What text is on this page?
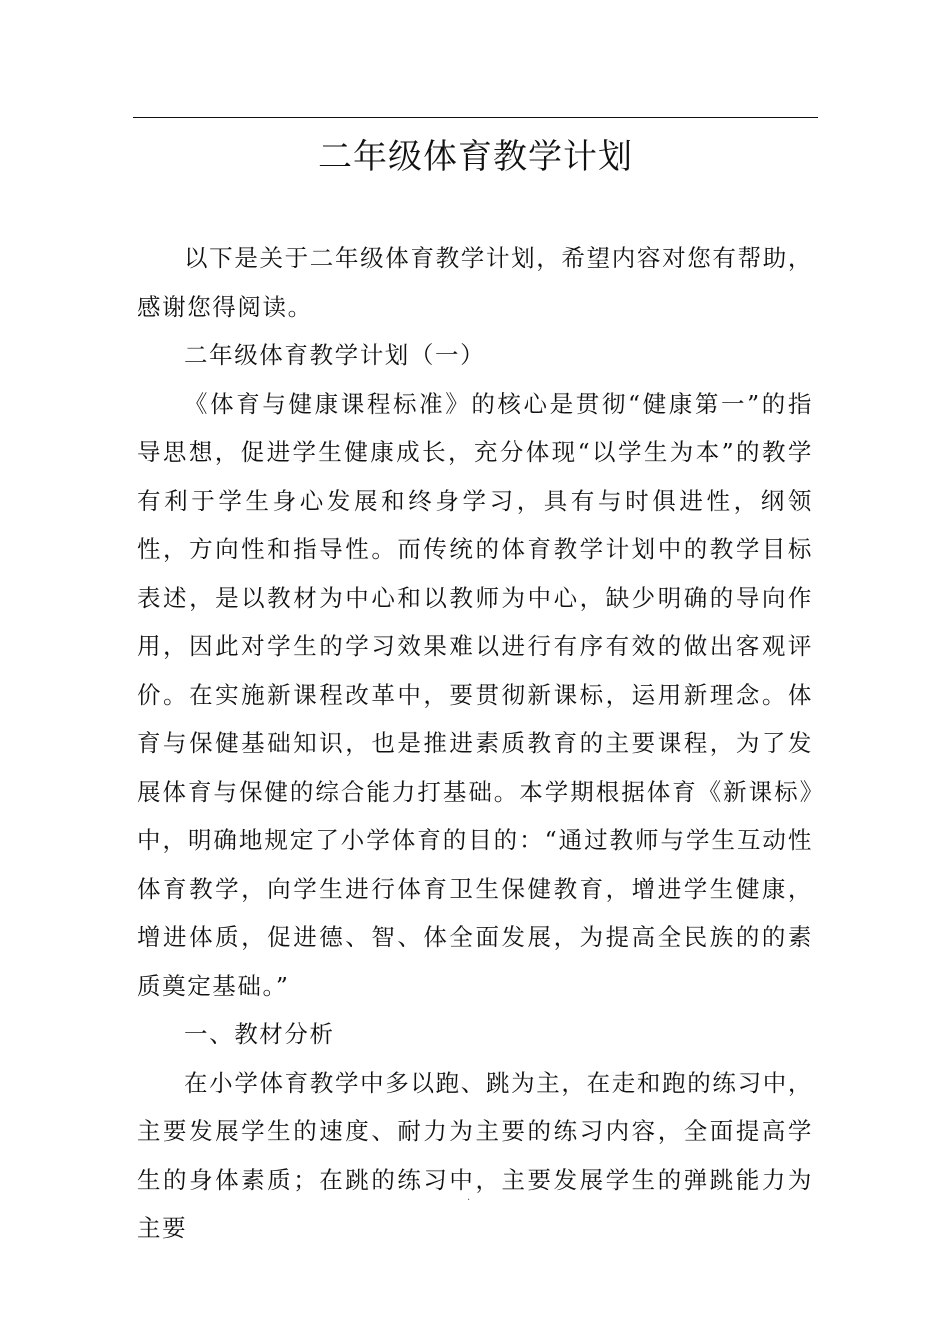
二年级体育教学计划

以下是关于二年级体育教学计划，希望内容对您有帮助，感谢您得阅读。

二年级体育教学计划（一）

《体育与健康课程标准》的核心是贯彻“健康第一”的指导思想，促进学生健康成长，充分体现“以学生为本”的教学有利于学生身心发展和终身学习，具有与时俱进性，纲领性，方向性和指导性。而传统的体育教学计划中的教学目标表述，是以教材为中心和以教师为中心，缺少明确的导向作用，因此对学生的学习效果难以进行有序有效的做出客观评价。在实施新课程改革中，要贯彻新课标，运用新理念。体育与保健基础知识，也是推进素质教育的主要课程，为了发展体育与保健的综合能力打基础。本学期根据体育《新课标》中，明确地规定了小学体育的目的：“通过教师与学生互动性体育教学，向学生进行体育卫生保健教育，增进学生健康，增进体质，促进德、智、体全面发展，为提高全民族的的素质奠定基础。”

一、教材分析

在小学体育教学中多以跑、跳为主，在走和跑的练习中，主要发展学生的速度、耐力为主要的练习内容，全面提高学生的身体素质；在跳的练习中，主要发展学生的弹跳能力为主要

.
